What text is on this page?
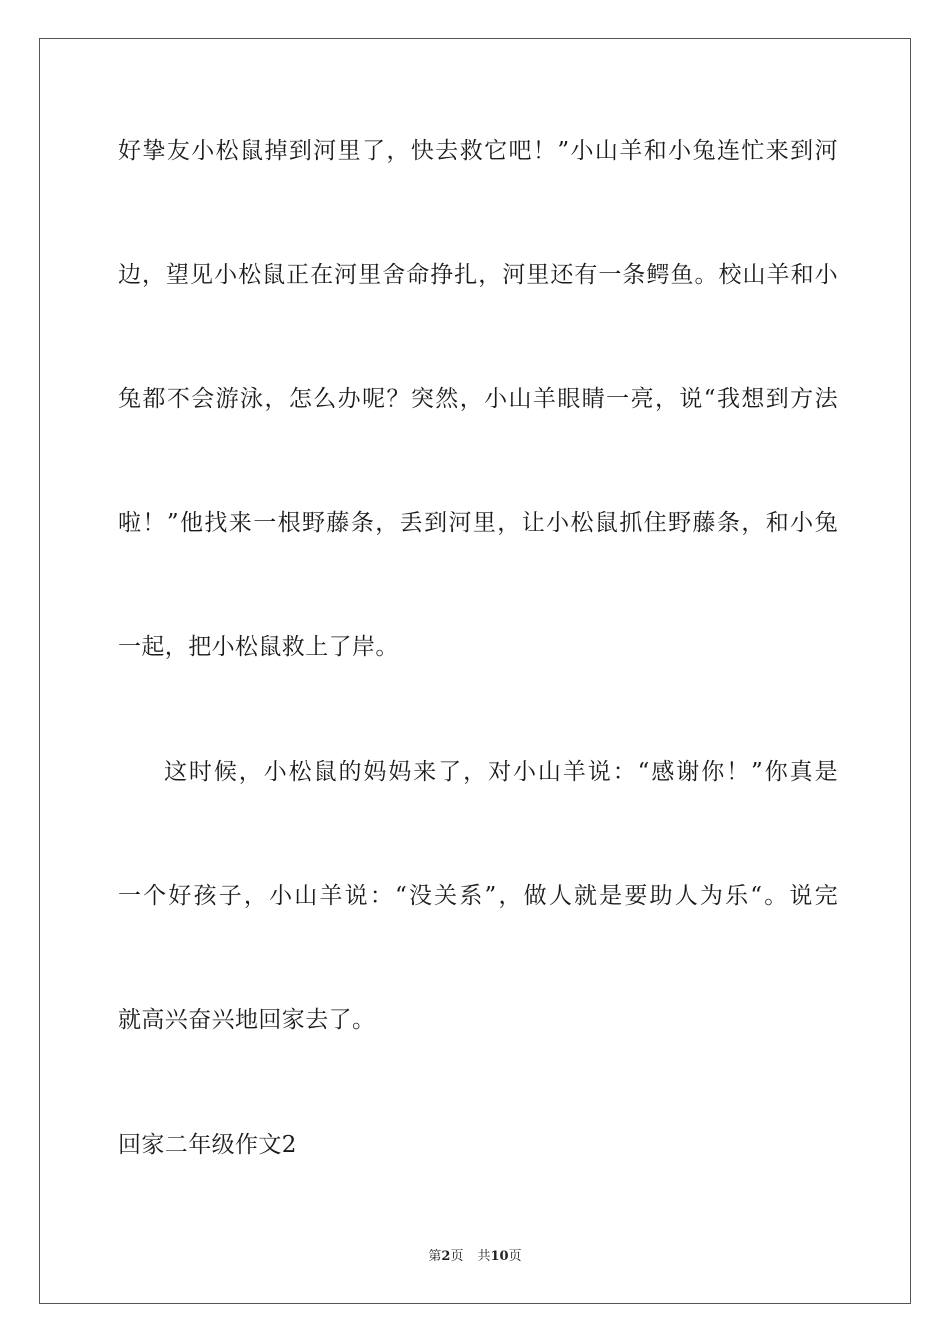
好挚友小松鼠掉到河里了，快去救它吧！”小山羊和小兔连忙来到河
边，望见小松鼠正在河里舍命挣扎，河里还有一条鳄鱼。校山羊和小
兔都不会游泳，怎么办呢？突然，小山羊眼睛一亮，说“我想到方法
啦！”他找来一根野藤条，丢到河里，让小松鼠抓住野藤条，和小兔
一起，把小松鼠救上了岸。
这时候，小松鼠的妈妈来了，对小山羊说：“感谢你！”你真是
一个好孩子，小山羊说：“没关系”，做人就是要助人为乐“。说完
就高兴奋兴地回家去了。
回家二年级作文2
第2页 共10页
